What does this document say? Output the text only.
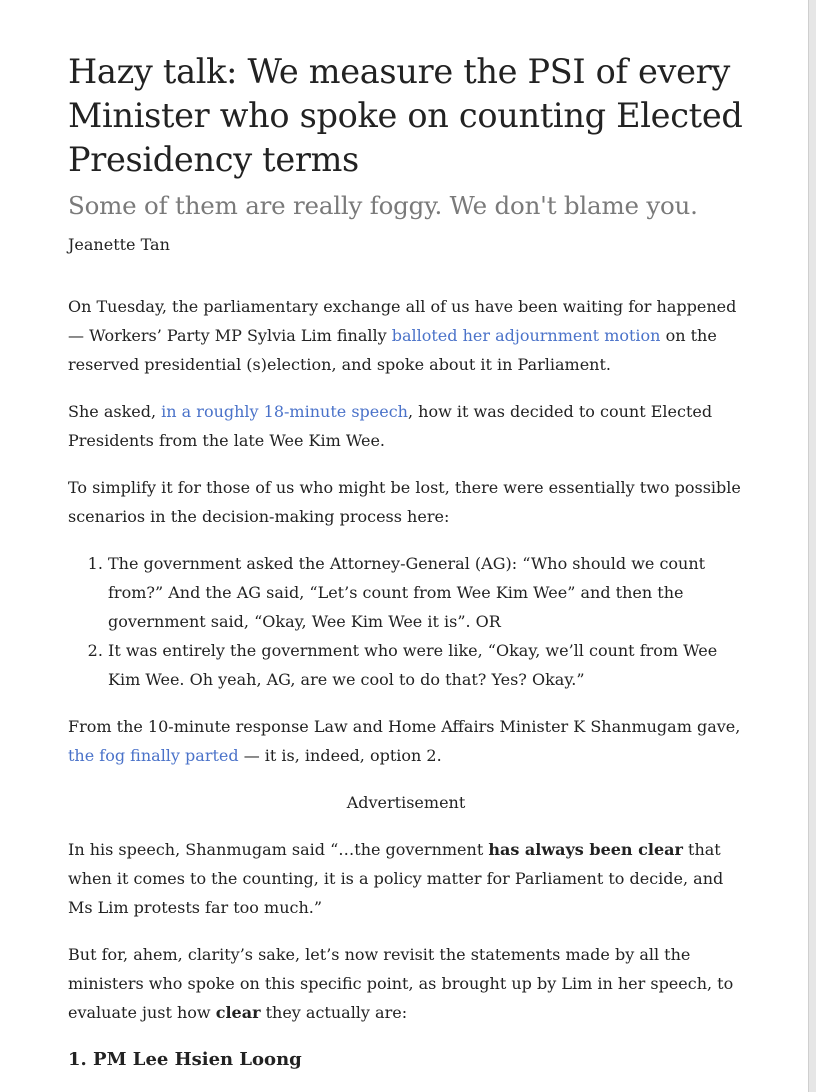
Hazy talk: We measure the PSI of every Minister who spoke on counting Elected Presidency terms
Some of them are really foggy. We don't blame you.
Jeanette Tan

On Tuesday, the parliamentary exchange all of us have been waiting for happened — Workers’ Party MP Sylvia Lim finally balloted her adjournment motion on the reserved presidential (s)election, and spoke about it in Parliament.

She asked, in a roughly 18-minute speech, how it was decided to count Elected Presidents from the late Wee Kim Wee.

To simplify it for those of us who might be lost, there were essentially two possible scenarios in the decision-making process here:

1. The government asked the Attorney-General (AG): “Who should we count from?” And the AG said, “Let’s count from Wee Kim Wee” and then the government said, “Okay, Wee Kim Wee it is”. OR
2. It was entirely the government who were like, “Okay, we’ll count from Wee Kim Wee. Oh yeah, AG, are we cool to do that? Yes? Okay.”

From the 10-minute response Law and Home Affairs Minister K Shanmugam gave, the fog finally parted — it is, indeed, option 2.

Advertisement

In his speech, Shanmugam said “…the government has always been clear that when it comes to the counting, it is a policy matter for Parliament to decide, and Ms Lim protests far too much.”

But for, ahem, clarity’s sake, let’s now revisit the statements made by all the ministers who spoke on this specific point, as brought up by Lim in her speech, to evaluate just how clear they actually are:

1. PM Lee Hsien Loong
